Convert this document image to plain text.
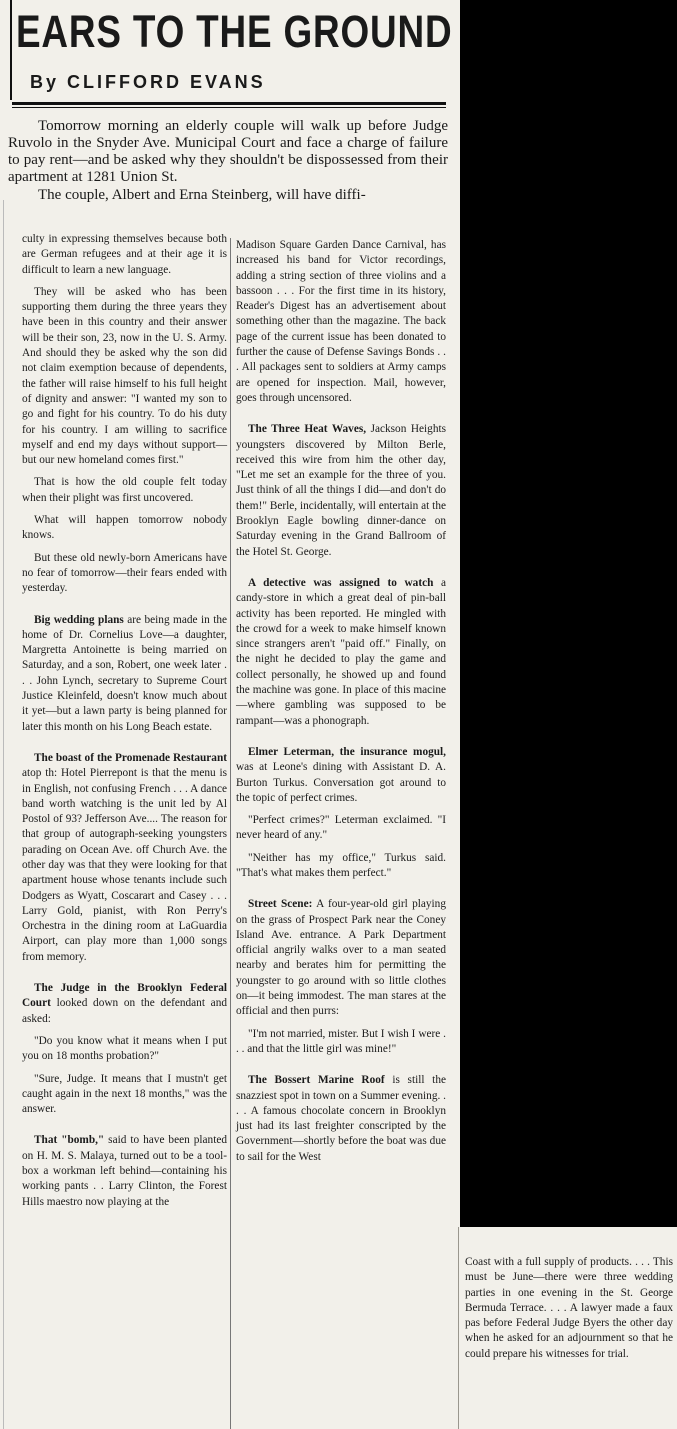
EARS TO THE GROUND
By CLIFFORD EVANS

Tomorrow morning an elderly couple will walk up before Judge Ruvolo in the Snyder Ave. Municipal Court and face a charge of failure to pay rent—and be asked why they shouldn't be dispossessed from their apartment at 1281 Union St.

The couple, Albert and Erna Steinberg, will have diffi-

culty in expressing themselves because both are German refugees and at their age it is difficult to learn a new language.

They will be asked who has been supporting them during the three years they have been in this country and their answer will be their son, 23, now in the U. S. Army. And should they be asked why the son did not claim exemption because of dependents, the father will raise himself to his full height of dignity and answer: "I wanted my son to go and fight for his country. To do his duty for his country. I am willing to sacrifice myself and end my days without support—but our new homeland comes first."

That is how the old couple felt today when their plight was first uncovered.

What will happen tomorrow nobody knows.

But these old newly-born Americans have no fear of tomorrow—their fears ended with yesterday.

Big wedding plans are being made in the home of Dr. Cornelius Love—a daughter, Margretta Antoinette is being married on Saturday, and a son, Robert, one week later . . . John Lynch, secretary to Supreme Court Justice Kleinfeld, doesn't know much about it yet—but a lawn party is being planned for later this month on his Long Beach estate.

The boast of the Promenade Restaurant atop th: Hotel Pierrepont is that the menu is in English, not confusing French . . . A dance band worth watching is the unit led by Al Postol of 93? Jefferson Ave.... The reason for that group of autograph-seeking youngsters parading on Ocean Ave. off Church Ave. the other day was that they were looking for that apartment house whose tenants include such Dodgers as Wyatt, Coscarart and Casey . . . Larry Gold, pianist, with Ron Perry's Orchestra in the dining room at LaGuardia Airport, can play more than 1,000 songs from memory.

The Judge in the Brooklyn Federal Court looked down on the defendant and asked:

"Do you know what it means when I put you on 18 months probation?"

"Sure, Judge. It means that I mustn't get caught again in the next 18 months," was the answer.

That "bomb," said to have been planted on H. M. S. Malaya, turned out to be a tool-box a workman left behind—containing his working pants . . Larry Clinton, the Forest Hills maestro now playing at the

Madison Square Garden Dance Carnival, has increased his band for Victor recordings, adding a string section of three violins and a bassoon . . . For the first time in its history, Reader's Digest has an advertisement about something other than the magazine. The back page of the current issue has been donated to further the cause of Defense Savings Bonds . . . All packages sent to soldiers at Army camps are opened for inspection. Mail, however, goes through uncensored.

The Three Heat Waves, Jackson Heights youngsters discovered by Milton Berle, received this wire from him the other day, "Let me set an example for the three of you. Just think of all the things I did—and don't do them!" Berle, incidentally, will entertain at the Brooklyn Eagle bowling dinner-dance on Saturday evening in the Grand Ballroom of the Hotel St. George.

A detective was assigned to watch a candy-store in which a great deal of pin-ball activity has been reported. He mingled with the crowd for a week to make himself known since strangers aren't "paid off." Finally, on the night he decided to play the game and collect personally, he showed up and found the machine was gone. In place of this macine—where gambling was supposed to be rampant—was a phonograph.

Elmer Leterman, the insurance mogul, was at Leone's dining with Assistant D. A. Burton Turkus. Conversation got around to the topic of perfect crimes.

"Perfect crimes?" Leterman exclaimed. "I never heard of any."

"Neither has my office," Turkus said. "That's what makes them perfect."

Street Scene: A four-year-old girl playing on the grass of Prospect Park near the Coney Island Ave. entrance. A Park Department official angrily walks over to a man seated nearby and berates him for permitting the youngster to go around with so little clothes on—it being immodest. The man stares at the official and then purrs:

"I'm not married, mister. But I wish I were . . . and that the little girl was mine!"

The Bossert Marine Roof is still the snazziest spot in town on a Summer evening. . . . A famous chocolate concern in Brooklyn just had its last freighter conscripted by the Government—shortly before the boat was due to sail for the West

Coast with a full supply of products. . . . This must be June—there were three wedding parties in one evening in the St. George Bermuda Terrace. . . . A lawyer made a faux pas before Federal Judge Byers the other day when he asked for an adjournment so that he could prepare his witnesses for trial.
